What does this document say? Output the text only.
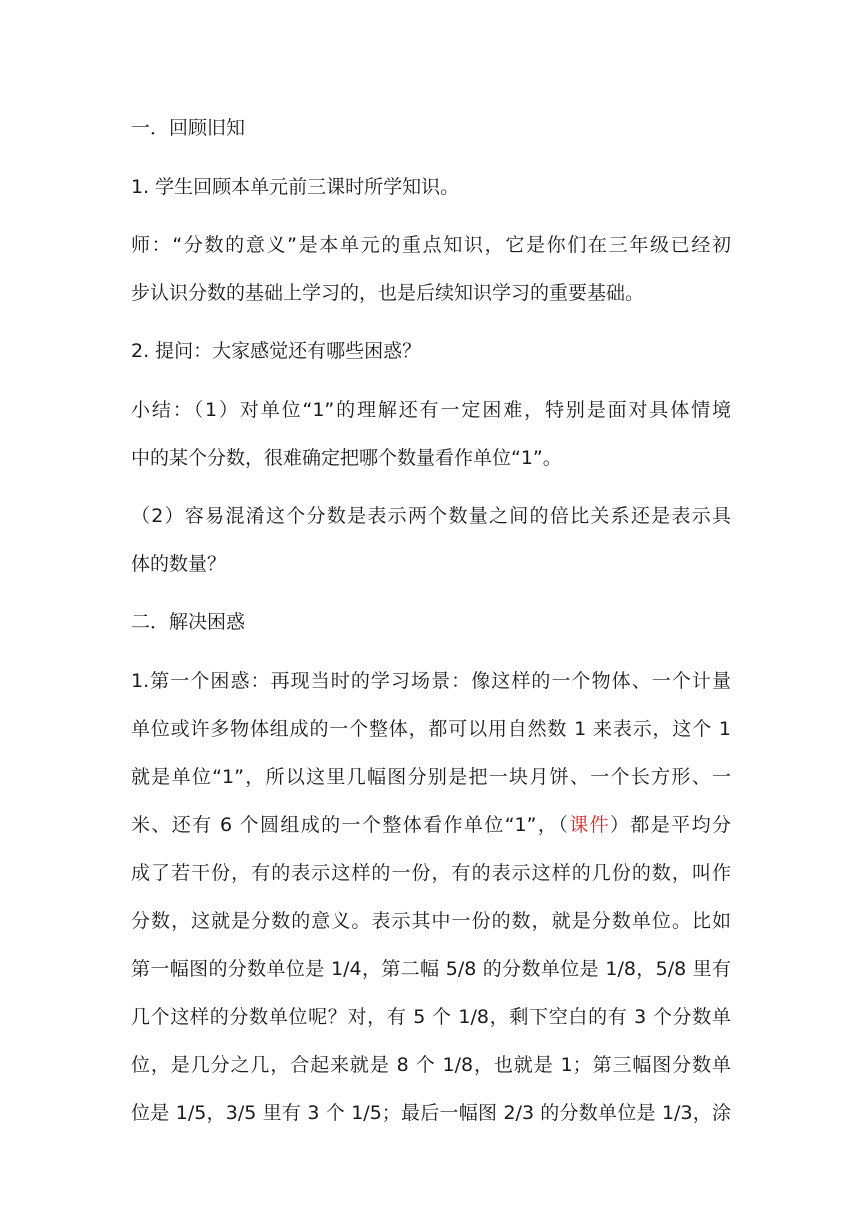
一．回顾旧知
1. 学生回顾本单元前三课时所学知识。
师：“分数的意义”是本单元的重点知识，它是你们在三年级已经初
步认识分数的基础上学习的，也是后续知识学习的重要基础。
2. 提问：大家感觉还有哪些困惑？
小结：（1）对单位“1”的理解还有一定困难，特别是面对具体情境
中的某个分数，很难确定把哪个数量看作单位“1”。
（2）容易混淆这个分数是表示两个数量之间的倍比关系还是表示具
体的数量？
二．解决困惑
1.第一个困惑：再现当时的学习场景：像这样的一个物体、一个计量
单位或许多物体组成的一个整体，都可以用自然数 1 来表示，这个 1
就是单位“1”，所以这里几幅图分别是把一块月饼、一个长方形、一
米、还有 6 个圆组成的一个整体看作单位“1”，（课件）都是平均分
成了若干份，有的表示这样的一份，有的表示这样的几份的数，叫作
分数，这就是分数的意义。表示其中一份的数，就是分数单位。比如
第一幅图的分数单位是 1/4，第二幅 5/8 的分数单位是 1/8，5/8 里有
几个这样的分数单位呢？对，有 5 个 1/8，剩下空白的有 3 个分数单
位，是几分之几，合起来就是 8 个 1/8，也就是 1；第三幅图分数单
位是 1/5，3/5 里有 3 个 1/5；最后一幅图 2/3 的分数单位是 1/3，涂
